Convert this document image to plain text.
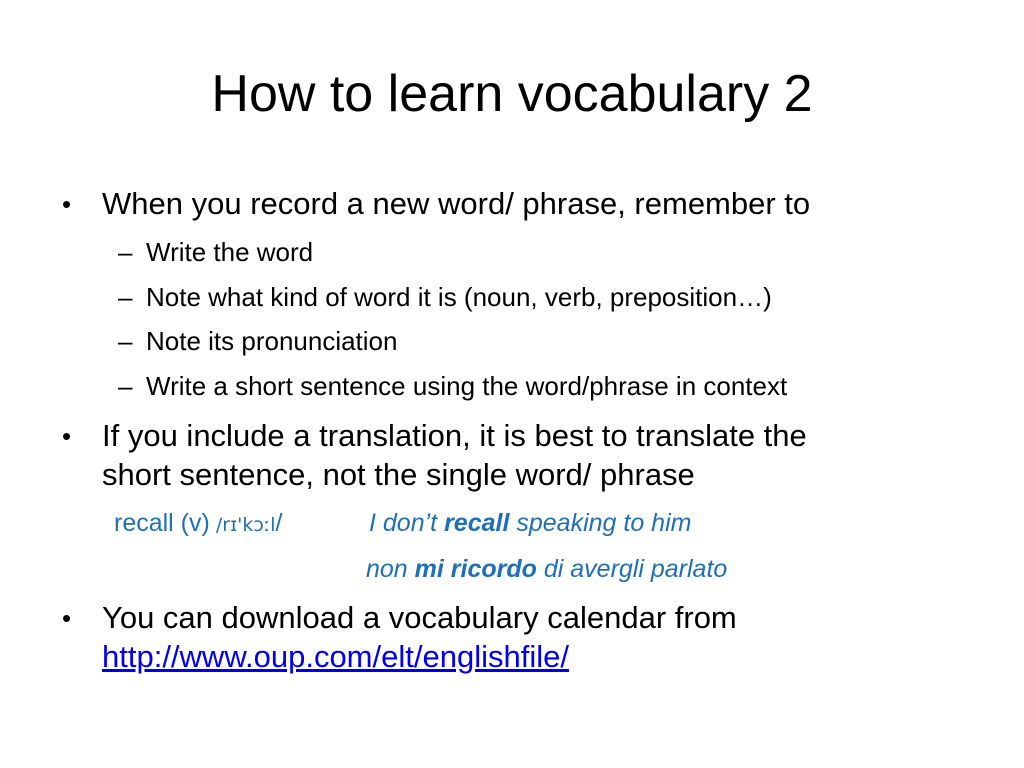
How to learn vocabulary 2
• When you record a new word/ phrase, remember to
– Write the word
– Note what kind of word it is (noun, verb, preposition…)
– Note its pronunciation
– Write a short sentence using the word/phrase in context
• If you include a translation, it is best to translate the
short sentence, not the single word/ phrase
recall (v) /rɪ'kɔːl/	I don’t recall speaking to him
non mi ricordo di avergli parlato
• You can download a vocabulary calendar from
http://www.oup.com/elt/englishfile/
